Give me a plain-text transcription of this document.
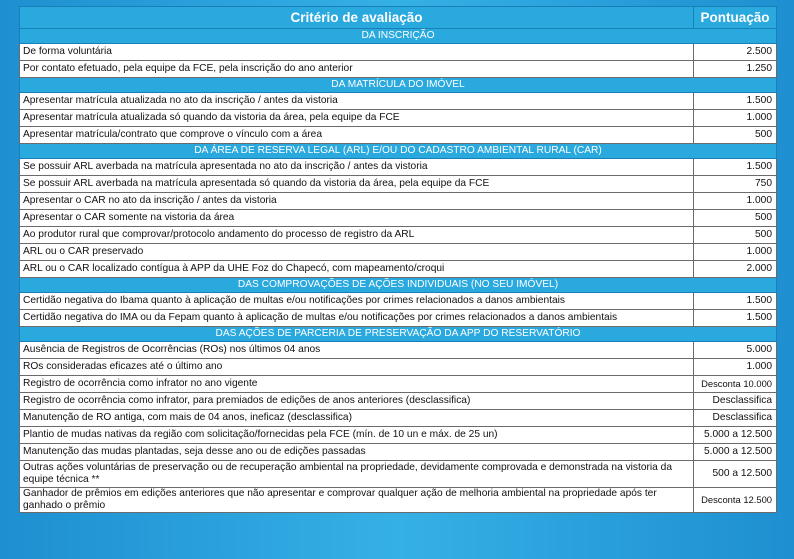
Critério de avaliação	Pontuação
DA INSCRIÇÃO	
De forma voluntária	2.500
Por contato efetuado, pela equipe da FCE, pela inscrição do ano anterior	1.250
DA MATRÍCULA DO IMÓVEL	
Apresentar matrícula atualizada no ato da inscrição / antes da vistoria	1.500
Apresentar matrícula atualizada só quando da vistoria da área, pela equipe da FCE	1.000
Apresentar matrícula/contrato que comprove o vínculo com a área	500
DA ÁREA DE RESERVA LEGAL (ARL) E/OU DO CADASTRO AMBIENTAL RURAL (CAR)	
Se possuir ARL averbada na matrícula apresentada no ato da inscrição / antes da vistoria	1.500
Se possuir ARL averbada na matrícula apresentada só quando da vistoria da área, pela equipe da FCE	750
Apresentar o CAR no ato da inscrição / antes da vistoria	1.000
Apresentar o CAR somente na vistoria da área	500
Ao produtor rural que comprovar/protocolo andamento do processo de registro da ARL	500
ARL ou o CAR preservado	1.000
ARL ou o CAR localizado contígua à APP da UHE Foz do Chapecó, com mapeamento/croqui	2.000
DAS COMPROVAÇÕES DE AÇÕES INDIVIDUAIS (NO SEU IMÓVEL)	
Certidão negativa do Ibama quanto à aplicação de multas e/ou notificações por crimes relacionados a danos ambientais	1.500
Certidão negativa do IMA ou da Fepam quanto à aplicação de multas e/ou notificações por crimes relacionados a danos ambientais	1.500
DAS AÇÕES DE PARCERIA DE PRESERVAÇÃO DA APP DO RESERVATÓRIO	
Ausência de Registros de Ocorrências (ROs) nos últimos 04 anos	5.000
ROs consideradas eficazes até o último ano	1.000
Registro de ocorrência como infrator no ano vigente	Desconta 10.000
Registro de ocorrência como infrator, para premiados de edições de anos anteriores (desclassifica)	Desclassifica
Manutenção de RO antiga, com mais de 04 anos, ineficaz (desclassifica)	Desclassifica
Plantio de mudas nativas da região com solicitação/fornecidas pela FCE (mín. de 10 un e máx. de 25 un)	5.000 a 12.500
Manutenção das mudas plantadas, seja desse ano ou de edições passadas	5.000 a 12.500
Outras ações voluntárias de preservação ou de recuperação ambiental na propriedade, devidamente comprovada e demonstrada na vistoria da equipe técnica **	500 a 12.500
Ganhador de prêmios em edições anteriores que não apresentar e comprovar qualquer ação de melhoria ambiental na propriedade após ter ganhado o prêmio	Desconta 12.500
